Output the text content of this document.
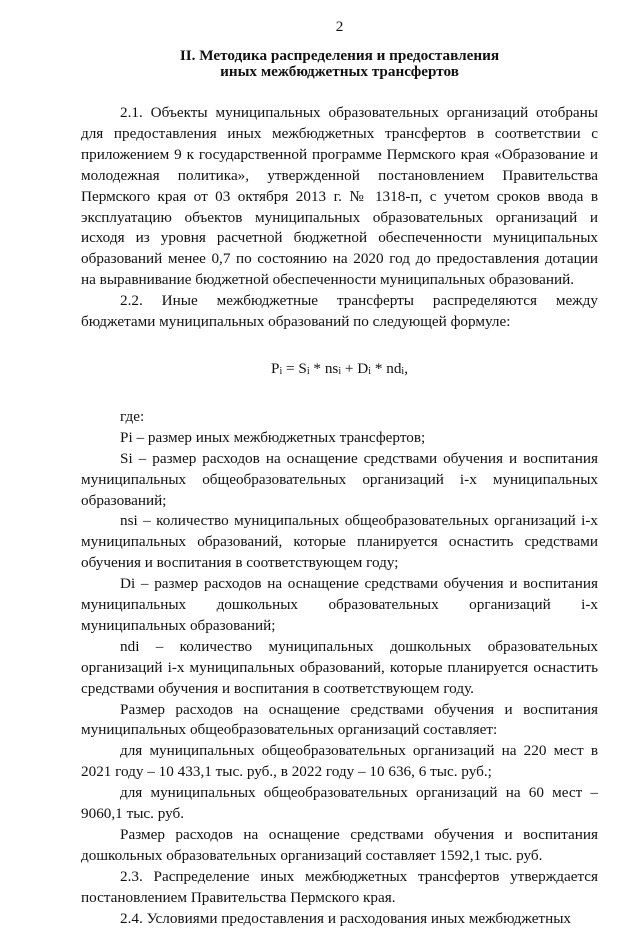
2
II. Методика распределения и предоставления
иных межбюджетных трансфертов

2.1. Объекты муниципальных образовательных организаций отобраны для предоставления иных межбюджетных трансфертов в соответствии с приложением 9 к государственной программе Пермского края «Образование и молодежная политика», утвержденной постановлением Правительства Пермского края от 03 октября 2013 г. № 1318-п, с учетом сроков ввода в эксплуатацию объектов муниципальных образовательных организаций и исходя из уровня расчетной бюджетной обеспеченности муниципальных образований менее 0,7 по состоянию на 2020 год до предоставления дотации на выравнивание бюджетной обеспеченности муниципальных образований.

2.2. Иные межбюджетные трансферты распределяются между бюджетами муниципальных образований по следующей формуле:

$P_i = S_i * ns_i + D_i * nd_i$,

где:

Pi – размер иных межбюджетных трансфертов;

Si – размер расходов на оснащение средствами обучения и воспитания муниципальных общеобразовательных организаций i-х муниципальных образований;

nsi – количество муниципальных общеобразовательных организаций i-х муниципальных образований, которые планируется оснастить средствами обучения и воспитания в соответствующем году;

Di – размер расходов на оснащение средствами обучения и воспитания муниципальных дошкольных образовательных организаций i-х муниципальных образований;

ndi – количество муниципальных дошкольных образовательных организаций i-х муниципальных образований, которые планируется оснастить средствами обучения и воспитания в соответствующем году.

Размер расходов на оснащение средствами обучения и воспитания муниципальных общеобразовательных организаций составляет:

для муниципальных общеобразовательных организаций на 220 мест в 2021 году – 10 433,1 тыс. руб., в 2022 году – 10 636, 6 тыс. руб.;

для муниципальных общеобразовательных организаций на 60 мест – 9060,1 тыс. руб.

Размер расходов на оснащение средствами обучения и воспитания дошкольных образовательных организаций составляет 1592,1 тыс. руб.

2.3. Распределение иных межбюджетных трансфертов утверждается постановлением Правительства Пермского края.

2.4. Условиями предоставления и расходования иных межбюджетных
